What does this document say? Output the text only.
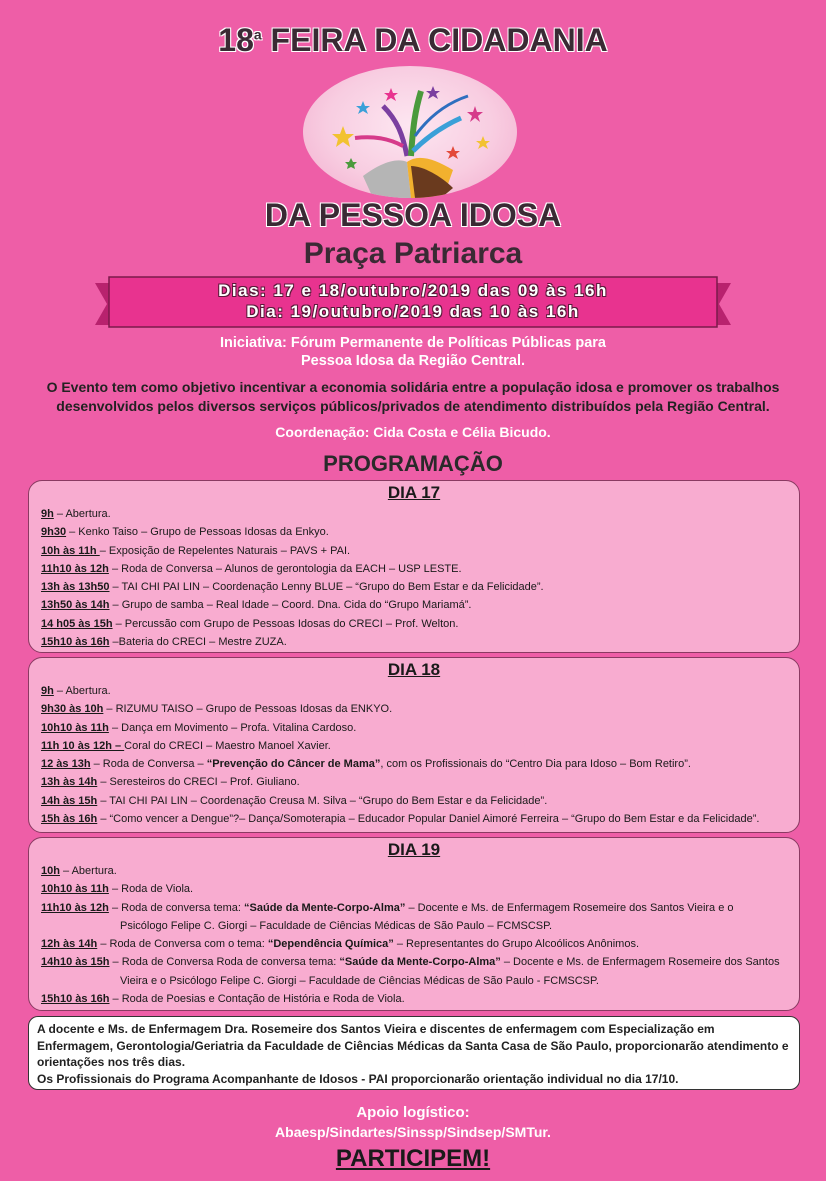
18$^a$ FEIRA DA CIDADANIA
DA PESSOA IDOSA
Praça Patriarca
Dias: 17 e 18/outubro/2019 das 09 às 16h
Dia: 19/outubro/2019 das 10 às 16h
Iniciativa: Fórum Permanente de Políticas Públicas para
Pessoa Idosa da Região Central.
O Evento tem como objetivo incentivar a economia solidária entre a população idosa e promover os trabalhos desenvolvidos pelos diversos serviços públicos/privados de atendimento distribuídos pela Região Central.
Coordenação: Cida Costa e Célia Bicudo.
PROGRAMAÇÃO
DIA 17
9h – Abertura.
9h30 – Kenko Taiso – Grupo de Pessoas Idosas da Enkyo.
10h às 11h – Exposição de Repelentes Naturais – PAVS + PAI.
11h10 às 12h – Roda de Conversa – Alunos de gerontologia da EACH – USP LESTE.
13h às 13h50 – TAI CHI PAI LIN – Coordenação Lenny BLUE – “Grupo do Bem Estar e da Felicidade”.
13h50 às 14h – Grupo de samba – Real Idade – Coord. Dna. Cida do “Grupo Mariamá”.
14 h05 às 15h – Percussão com Grupo de Pessoas Idosas do CRECI – Prof. Welton.
15h10 às 16h –Bateria do CRECI – Mestre ZUZA.
DIA 18
9h – Abertura.
9h30 às 10h – RIZUMU TAISO – Grupo de Pessoas Idosas da ENKYO.
10h10 às 11h – Dança em Movimento – Profa. Vitalina Cardoso.
11h 10 às 12h – Coral do CRECI – Maestro Manoel Xavier.
12 às 13h – Roda de Conversa – “Prevenção do Câncer de Mama”, com os Profissionais do “Centro Dia para Idoso – Bom Retiro”.
13h às 14h – Seresteiros do CRECI – Prof. Giuliano.
14h às 15h – TAI CHI PAI LIN – Coordenação Creusa M. Silva – “Grupo do Bem Estar e da Felicidade”.
15h às 16h – “Como vencer a Dengue”?– Dança/Somoterapia – Educador Popular Daniel Aimoré Ferreira – “Grupo do Bem Estar e da Felicidade”.
DIA 19
10h – Abertura.
10h10 às 11h – Roda de Viola.
11h10 às 12h – Roda de conversa tema: “Saúde da Mente-Corpo-Alma” – Docente e Ms. de Enfermagem Rosemeire dos Santos Vieira e o
Psicólogo Felipe C. Giorgi – Faculdade de Ciências Médicas de São Paulo – FCMSCSP.
12h às 14h – Roda de Conversa com o tema: “Dependência Química” – Representantes do Grupo Alcoólicos Anônimos.
14h10 às 15h – Roda de Conversa Roda de conversa tema: “Saúde da Mente-Corpo-Alma” – Docente e Ms. de Enfermagem Rosemeire dos Santos
Vieira e o Psicólogo Felipe C. Giorgi – Faculdade de Ciências Médicas de São Paulo - FCMSCSP.
15h10 às 16h – Roda de Poesias e Contação de História e Roda de Viola.
A docente e Ms. de Enfermagem Dra. Rosemeire dos Santos Vieira e discentes de enfermagem com Especialização em Enfermagem, Gerontologia/Geriatria da Faculdade de Ciências Médicas da Santa Casa de São Paulo, proporcionarão atendimento e orientações nos três dias.
Os Profissionais do Programa Acompanhante de Idosos - PAI proporcionarão orientação individual no dia 17/10.
Apoio logístico:
Abaesp/Sindartes/Sinssp/Sindsep/SMTur.
PARTICIPEM!
